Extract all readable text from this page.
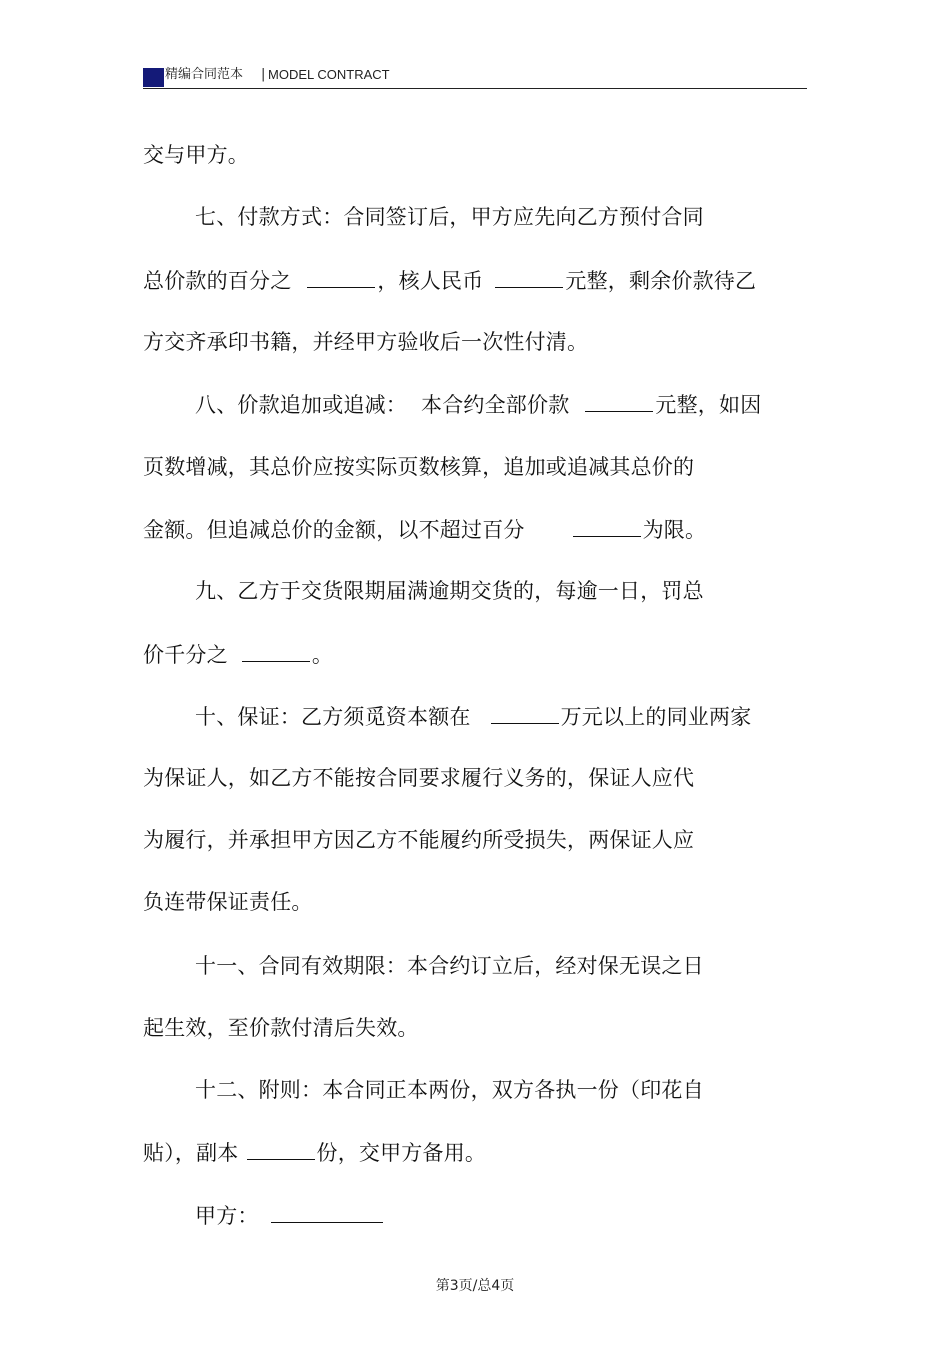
精编合同范本 | MODEL CONTRACT
交与甲方。
七、付款方式：合同签订后，甲方应先向乙方预付合同
总价款的百分之	，核人民币	元整，剩余价款待乙
方交齐承印书籍，并经甲方验收后一次性付清。
八、价款追加或追减： 本合约全部价款	元整，如因
页数增减，其总价应按实际页数核算，追加或追减其总价的
金额。但追减总价的金额，以不超过百分	为限。
九、乙方于交货限期届满逾期交货的，每逾一日，罚总
价千分之	。
十、保证：乙方须觅资本额在	万元以上的同业两家
为保证人，如乙方不能按合同要求履行义务的，保证人应代
为履行，并承担甲方因乙方不能履约所受损失，两保证人应
负连带保证责任。
十一、合同有效期限：本合约订立后，经对保无误之日
起生效，至价款付清后失效。
十二、附则：本合同正本两份，双方各执一份（印花自
贴），副本	份，交甲方备用。
甲方：
第3页/总4页
